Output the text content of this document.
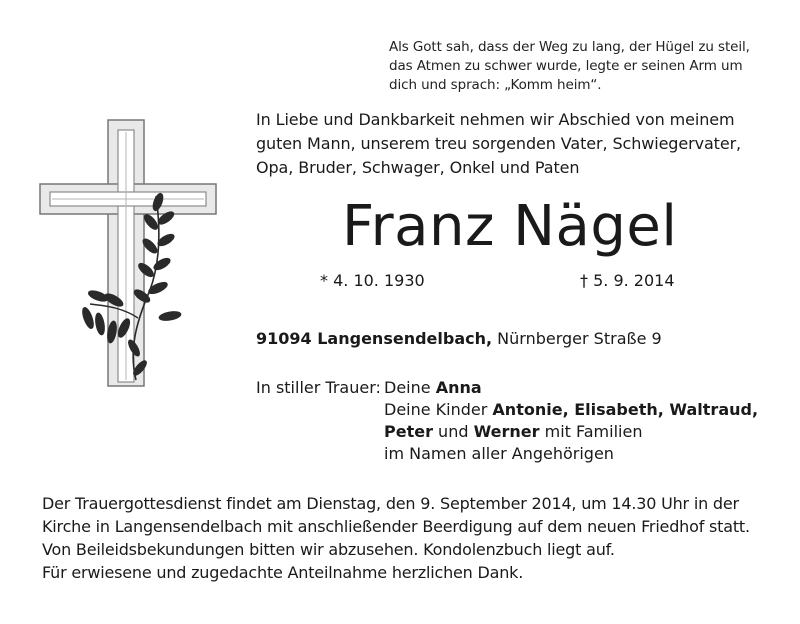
Als Gott sah, dass der Weg zu lang, der Hügel zu steil,
das Atmen zu schwer wurde, legte er seinen Arm um
dich und sprach: „Komm heim“.
In Liebe und Dankbarkeit nehmen wir Abschied von meinem
guten Mann, unserem treu sorgenden Vater, Schwiegervater,
Opa, Bruder, Schwager, Onkel und Paten
Franz Nägel
* 4. 10. 1930	† 5. 9. 2014
91094 Langensendelbach, Nürnberger Straße 9
In stiller Trauer: Deine Anna
Deine Kinder Antonie, Elisabeth, Waltraud,
Peter und Werner mit Familien
im Namen aller Angehörigen
Der Trauergottesdienst findet am Dienstag, den 9. September 2014, um 14.30 Uhr in der
Kirche in Langensendelbach mit anschließender Beerdigung auf dem neuen Friedhof statt.
Von Beileidsbekundungen bitten wir abzusehen. Kondolenzbuch liegt auf.
Für erwiesene und zugedachte Anteilnahme herzlichen Dank.
